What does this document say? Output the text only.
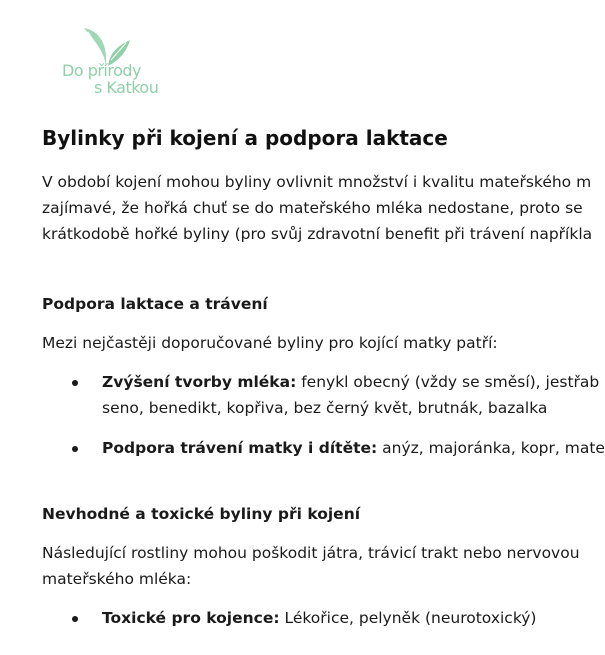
Do přírody
s Katkou
Bylinky při kojení a podpora laktace

V období kojení mohou byliny ovlivnit množství i kvalitu mateřského m

zajímavé, že hořká chuť se do mateřského mléka nedostane, proto se

krátkodobě hořké byliny (pro svůj zdravotní benefit při trávení napříkla

Podpora laktace a trávení

Mezi nejčastěji doporučované byliny pro kojící matky patří:

Zvýšení tvorby mléka: fenykl obecný (vždy se směsí), jestřab
seno, benedikt, kopřiva, bez černý květ, brutnák, bazalka
Podpora trávení matky i dítěte: anýz, majoránka, kopr, mate
Nevhodné a toxické byliny při kojení

Následující rostliny mohou poškodit játra, trávicí trakt nebo nervovou

mateřského mléka:

Toxické pro kojence: Lékořice, pelyněk (neurotoxický)
